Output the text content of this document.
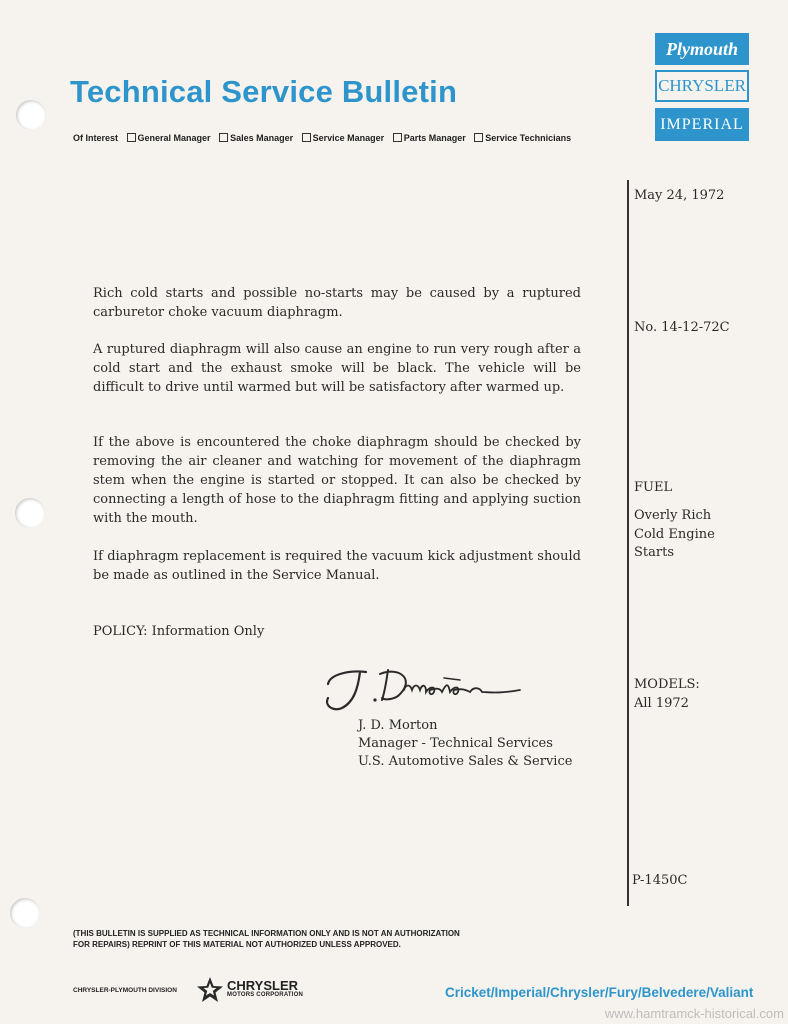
Technical Service Bulletin
Of Interest General Manager Sales Manager Service Manager Parts Manager Service Technicians
Plymouth
CHRYSLER
IMPERIAL
May 24, 1972
No. 14-12-72C
FUEL
Overly Rich
Cold Engine
Starts
MODELS:
All 1972
P-1450C

Rich cold starts and possible no-starts may be caused by a ruptured carburetor choke vacuum diaphragm.

A ruptured diaphragm will also cause an engine to run very rough after a cold start and the exhaust smoke will be black. The vehicle will be difficult to drive until warmed but will be satisfactory after warmed up.

If the above is encountered the choke diaphragm should be checked by removing the air cleaner and watching for movement of the diaphragm stem when the engine is started or stopped. It can also be checked by connecting a length of hose to the diaphragm fitting and applying suction with the mouth.

If diaphragm replacement is required the vacuum kick adjustment should be made as outlined in the Service Manual.

POLICY: Information Only
J. D. Morton
Manager - Technical Services
U.S. Automotive Sales & Service
(THIS BULLETIN IS SUPPLIED AS TECHNICAL INFORMATION ONLY AND IS NOT AN AUTHORIZATION
FOR REPAIRS) REPRINT OF THIS MATERIAL NOT AUTHORIZED UNLESS APPROVED.
CHRYSLER-PLYMOUTH DIVISION	CHRYSLER
MOTORS CORPORATION	Cricket/Imperial/Chrysler/Fury/Belvedere/Valiant
www.hamtramck-historical.com
